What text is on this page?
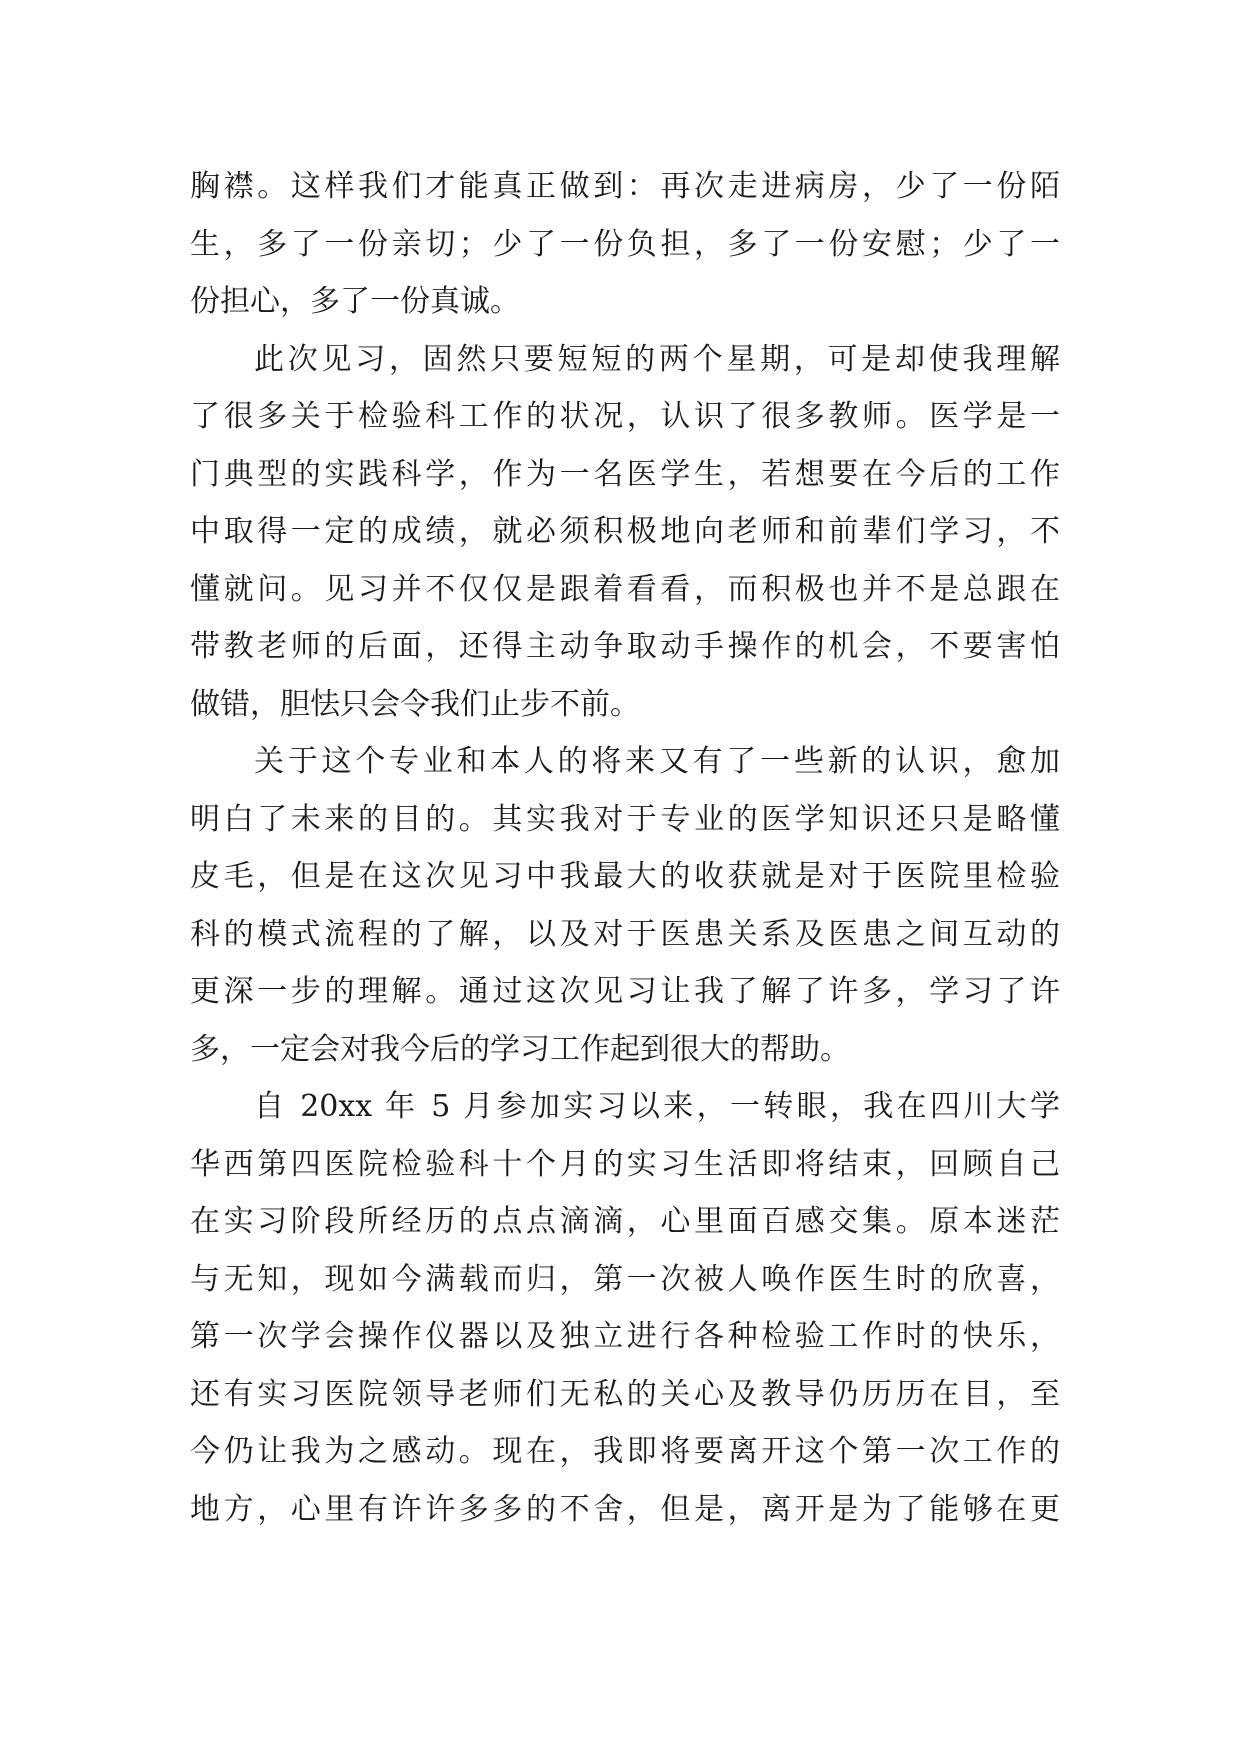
胸襟。这样我们才能真正做到：再次走进病房，少了一份陌
生，多了一份亲切；少了一份负担，多了一份安慰；少了一
份担心，多了一份真诚。
此次见习，固然只要短短的两个星期，可是却使我理解
了很多关于检验科工作的状况，认识了很多教师。医学是一
门典型的实践科学，作为一名医学生，若想要在今后的工作
中取得一定的成绩，就必须积极地向老师和前辈们学习，不
懂就问。见习并不仅仅是跟着看看，而积极也并不是总跟在
带教老师的后面，还得主动争取动手操作的机会，不要害怕
做错，胆怯只会令我们止步不前。
关于这个专业和本人的将来又有了一些新的认识，愈加
明白了未来的目的。其实我对于专业的医学知识还只是略懂
皮毛，但是在这次见习中我最大的收获就是对于医院里检验
科的模式流程的了解，以及对于医患关系及医患之间互动的
更深一步的理解。通过这次见习让我了解了许多，学习了许
多，一定会对我今后的学习工作起到很大的帮助。
自 20xx 年 5 月参加实习以来，一转眼，我在四川大学
华西第四医院检验科十个月的实习生活即将结束，回顾自己
在实习阶段所经历的点点滴滴，心里面百感交集。原本迷茫
与无知，现如今满载而归，第一次被人唤作医生时的欣喜，
第一次学会操作仪器以及独立进行各种检验工作时的快乐，
还有实习医院领导老师们无私的关心及教导仍历历在目，至
今仍让我为之感动。现在，我即将要离开这个第一次工作的
地方，心里有许许多多的不舍，但是，离开是为了能够在更
